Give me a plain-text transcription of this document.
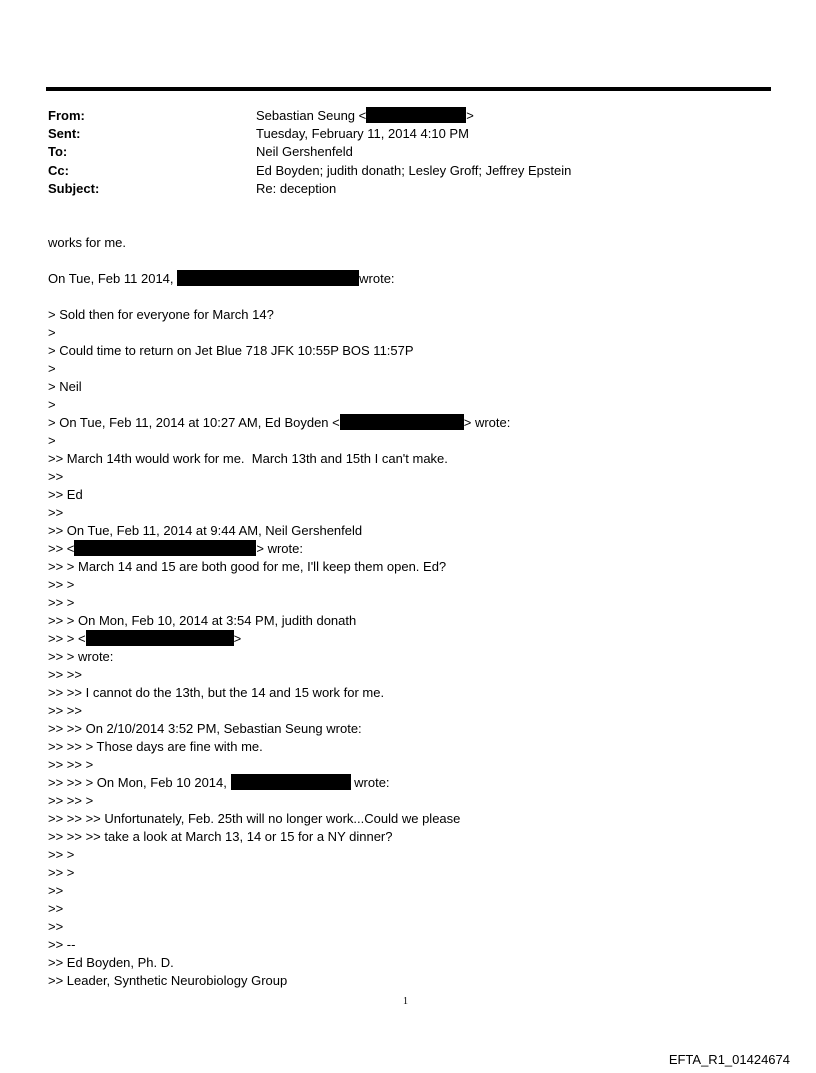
From:	Sebastian Seung <	>
Sent:	Tuesday, February 11, 2014 4:10 PM
To:	Neil Gershenfeld
Cc:	Ed Boyden; judith donath; Lesley Groff; Jeffrey Epstein
Subject:	Re: deception
works for me.
On Tue, Feb 11 2014,	wrote:
> Sold then for everyone for March 14?
>
> Could time to return on Jet Blue 718 JFK 10:55P BOS 11:57P
>
> Neil
>
> On Tue, Feb 11, 2014 at 10:27 AM, Ed Boyden <	> wrote:
>
>> March 14th would work for me.  March 13th and 15th I can't make.
>>
>> Ed
>>
>> On Tue, Feb 11, 2014 at 9:44 AM, Neil Gershenfeld
>> <	> wrote:
>> > March 14 and 15 are both good for me, I'll keep them open. Ed?
>> >
>> >
>> > On Mon, Feb 10, 2014 at 3:54 PM, judith donath
>> > <	>
>> > wrote:
>> >>
>> >> I cannot do the 13th, but the 14 and 15 work for me.
>> >>
>> >> On 2/10/2014 3:52 PM, Sebastian Seung wrote:
>> >> > Those days are fine with me.
>> >> >
>> >> > On Mon, Feb 10 2014,	wrote:
>> >> >
>> >> >> Unfortunately, Feb. 25th will no longer work...Could we please
>> >> >> take a look at March 13, 14 or 15 for a NY dinner?
>> >
>> >
>>
>>
>>
>> --
>> Ed Boyden, Ph. D.
>> Leader, Synthetic Neurobiology Group
1
EFTA_R1_01424674
